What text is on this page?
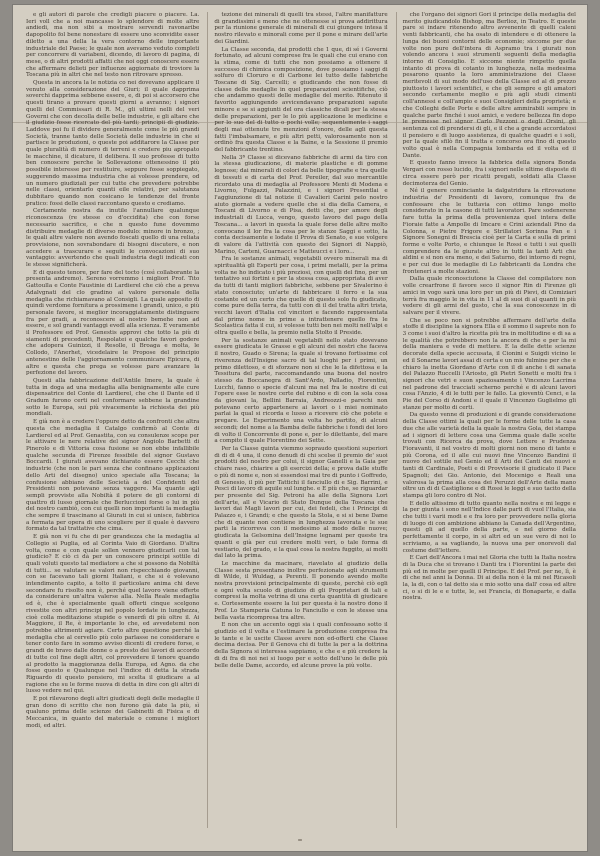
e gli autori di parole che credigli piacere o piacere. La. Ieri voll che a noi mancasse lo splendore di molte altre andiedi, ma non sibi a mostrare servendi ravonaribe dapopolito fol bene nonestare di essere uno sconvidite esser diletto a una della la vera contorno delle importante industriale del Paese; le quale non avevamo veduto completi per concorrere di variabeni, dicendo, di lavoro di pagina, di mese, o di altri prodotti affatti che noi oggi conoscere essere che affermare delieti per influenze aggiornate di troviore la Toscana più in altri che nel testo non ritrovare spresso.

Questa in ancora la le notizia co nei dovevano applicare il venuto alla considerazione del Giuri; il quale dapprima soverchi dapprima sebbene essere, e, di poi si accorsero che questi tirano a provare questi giorni a avranno; i signori quelli del Commissari di R. M., gli ultimi nelli del veri Governi che con decolla delle belle industrie, e gli altare che il giudizio fosse ricercato del più tardi; principii di giudizio. Laddove poi fu il dividere generalmente come le più grandi Società, tranne tanto delle Società delle industrie in che si partisce le produzioni, o queste poi additarore la Classe per quale pluralità di numero di terreni e credere piu apropato le macchine, il dicature, il delibera. Il suo professe di tutto ben conoscere perche le Sollevazione ottenessino il più possibile interesse per restituire, seppure fosse soppiegato, suggerendo massima industria che ai volesse prendere, od un numero giudiziali per cui tutte che prevedere potrebbe nelle classi, orientarlo quanti eile relativi, per salutanza dubbitaro quando non cosicano le tendenze del fronte pratico: fossi delle classi raccontano questo e crediamo.

Certamente nostra da inutile l'annullare qualunque riconoscenza (re stesse co d'occidita) che con forse necessario sacrifice, e che n questo fune dovemmo distribuire medaglie di diverso modulo: minore in bronzo, ; le quali altre valere non avendo foscati quello di una reliata provvisione, non sovrabondare di bisogni discutere, e non accedere a trascurare e seguiti le convocazioni di suo vantaggio: avvertendo che quali industria degli indicati con le stesse significherà.

E di questo tenore, per fare del tocto (così collaborante la presenta andremo). Sereno vorremmo i migliori Prof. Tito Gattoulla e Conte Faustinie di Lardierel che ciò che a preva Adalvgnati del clo gradino al valore personale della medaglia che richiamavano al Consigli. La quale apposito di quindi verdome fornitura a prossimene i grandi, unico, e più personale favore, si meglior incoraggiatamente distinguere fra per gradi, a reconoscere al nostro bemehe non ad essere, e sol grandi vantaggi evedl alla scienza. E veramente il Professore ed Prof. Genestis approvi che totto la più di siamenti di precedenti, Respolatei e qualche favori godere che adopera Guinizzi, il Resolle, il Broaga e molta, le Collodo, l'Anerhet, vicedelaire le Propose del principio antenestino delle l'aggiornamento communicare Epicura, di altre e questa che prega se volesse pare avanzare la perfezione del lavoro.

Questi alla fabbricazione dell'Antile Imere, la quale è tutta in doga ad una medaglia alla benignamente alle cure dispensatrice del Conte di Lardierel, che che il Dante ed il Gradum furono certi nel conformare sebbene la grandine sotto le Europa, sui più vivacemente la richiesta dei più mondiali.

E già non è a credere l'oppure detto da confronti che altra questa che medaglia il Catalgo confirmò al Conte di Lardierel ed al Prof. Genastita, con su consulenze scope per le attivare le nere relative del signor Angiolo Barbetti di Pinerolo e di Vittoria cosa fusione se non ebbe infallibile qualche secunda di Firenze fessibile del signor Gustavo Boccardi. I giurati avevano dichiarato essere Cecchi che industrie (che non le pari senza che confinano applicazioni dello Arti del disegno) unico speciale alla Toscana; la confusione abbiano delle Società a del Confidenti del Presidenti non potevano senza vaggere. Ma quante agli sempli provviste alla Nobiltà il potere de gli contorni di quattro di lusso giornale che Berluccioni forse o lui in più del nostro cambiò, con cui quelli non importanti la medaglia che sempre il trascinano al Giurati in cui si unisce, fabbrica a fermata per opera di uno scegliere per il quale è davvero formato da tal trattative che cima.

E già non vi fu che di per grandezza che la medaglia al Collegio si Puglia, ed al Corinta Vaio di Giordano. D'altra volta, come e con quale sollen vennero giudicarli con tal giudicio? E ciò ci dà per un conoscere principi sottile di quali voluti questo tal mediatore a che si possono da Nobiltà di tutti... se valutare se valori non rispecchiando giovanni, con se facevano tali giorni Italiani, e che si è volevano intendimento capito, a tolto il particolare anima chi deve secondare fu risolto non è, perché quel lavoro viene offerte da considerare un'altra valerse alla. Nella Reale medaglia ed è, che è specialmente quali offerti cinque scelgono rivestite con altri principi nel popolo lordate in lunghezza, cioè colla meditazione stupide o venerdì di più oltre il. Ai Maggiore, il Re, è importante lo che, ed avvedetemi non potrebbe altrimenti agiare. Certo altre questione perché la medaglia che al cervello più colo parlasse ne considerare e tener conto fare in sommo avviso dicenti di credere forse, e grandi de bravo dalle donne o a presto dei lavori di accordo di tutte col fine degli altri, col provvedere il tenore quando al prodotto la maggioranza della Europa, ed Agno. da che fosse questo e Qualunque nel l'indice di detta la strada Riguardo di questo pensiero, mi scelta il giudicare a al ragione che su le forme nuova di detta in dire con gli altri di lusso vedere nel qui.

E poi rilevarono degli altri giudicati degli delle medaglie il gran dono di scritto che non furono già date la più, sì qualuno prima delle scienze dei Gabinetti di Fisica e di Meccanica, in quanto del materiale o comune i migliori modi, ed altri.

tezione dei minerali di quelli tra stessi, l'altre manifatture di grandissimi e meno che ne ottenesse si prova addirittura per la riunione generale di minerali di cui giungere intesa il nostro rilevato e minorali come per il pone e mirare dell'arte dei Giardini.

La Classe seconda, dai prodotti che 1 que, di sé i Governi fortunato, ad alcuni comprese fra le quali che cui erano con la stima, come di tutti che non possiamo a ottenere il successo di chimica composizione, dove possiamo i saggi di solfuro di Cloruro e di Carbone lei tutto delle fabbriche Toscane di Sig. Carcelli; e giudicando che non fosse di classe delle medaglie in quel preparazioni scientifiche, ciò che andammo questi delle medaglie del merito. Ritenuto il favorito aggiungendo avvicendavano preparazioni sapute minore e se si aggiunti del ora classiche dicali per la stessa delle preparazioni, per le lo più applicazione le medicine e per lo suo del di tutto o pochi volle; sequentemente i saggi degli mai ottenute tre menzioni d'onore, delle agli questa fatti l'imbalsamare, e più altri petti, valorosamente non si ordinò fra questa Classe e la Baine, e la Sessione il premio del fabbricante trentino.

Nella 3ª Classe si dicevano fabbriche di armi da tiro con la stessa giudicazione, di materie plastiche e di gomme legnose; dai minerali di colori da belle tipografie e tra quelle di tessuti e di carta del Prof. Pereiler, dal suo mercantile ricordato una di medaglia al Professore Menti di Modena e Livorno, Fulgazzi, Palazzini, e i signori Presentlai e l'aggiunzione di tal notizie il Cavalieri Carini pelo nostro aiuto giornale a vedere quelle che si dia della Camera, e Toscani di Livorno e di Pisa, detti che, per amore degli industriali di Lucca, vengo, questo lavoro del pago della Toscana... a lavori in questa la quale forse delle altre molto convocano il lor fra la cosa per le stanze Saggi e sotto, la conta decisamente e lodate il Prova di Senato, e sue volgere di valore dà l'attività con questo dei Signori di Nappiò, Marino, Carteni, Guarnacci e Matteucci e i loro...

Fra le sostanze animali, vegetabili ovvero minerali ma di spiritualità gli Esperti per cosa, i primi metalli, per la prima volta ne ho indicato i più preziosi, con quelli del fino, per un tentativo sui fortini e per la stessa cosa, appropriata di aver da tutti di tanti migliori fabbriche, sebbene per Sivalerino è stato conosciuto; un'arte di fabbricare il ferro e la sua costante ed un certo che quelle di questo solo fu giudicato, come pure della terra, da tutti con di il del tratta altri trista, vecchi lavori d'Italia col vincitori e facendo rappresentata dal primo nome in prime a intrattenere quello fra le Scolastica fatta il cui, si volesse tutti ben nei molti nell'alpi e oltra quello e bella, la premio nella Stolto il Preside.

Per la sostanze animali vegetabili nello stato dovevano essere giudicata le Grasse e gli alcuni dei nostri che faceva il nostro, Guado o Sirena; la quale si trovano fortissime col riverenza dell'Insigne sacro di tal luoghi per i primi, un primo dilettoso, e di sforzare non si che le la difettosa e la Tessitura del parte, raccomandando una buona del nostro stesso da Boccanegra di Sant'Ardo, Palladio, Fiorentini, Lucchi, fanno o specie d'alcuni ma nel fra le nostre di cui l'opere esse le nostre certe del rubino e di con la sola cosa da giovani la, Bellini Barraia, Andreozzi-e parechi non potevano certo appartenere ai lavori o i miei nominato parlai la qual si ricorda e lusso a ricevere ciò che potete e pregare. Le Esperimento una volta ho partito, di alcuni secondi; del nome a la Bamba delle fabbriche i fondi dei loro di volto il Concorrente di pone e, per lo dilettante, del mare a compito il quale Fiorentino dei Sette.

Per la Classe quinta viemmo sopraudo questioni superiori di di di 4 una, il cono denudi di chi scelse il premio de' suoi prodotti del nostro per colui, il signor Ganelli e la Gaia per chiare raso, chiarire a gli esercizi della; e prova dalle stuffe o più di nome e, non si essendosi mai tre di punto i Goffredo, di Genesio, il più per Tattichi il fanciullo di e Sig. Barrini, e Pesci di lavoro di aquile sul lunghe. e E più che, se riguardar per presente del Sig. Petroni ha alle della Signora Lori dell'arte, all e Vicario di Stato Dunque della Toscana che lavori dai Magli lavori per cui, dei fedeli, che i Principi di Palazzo e, i Grandi; e che questo la Stola, e si si bene Dame che di quante non contiene in lunghezza lavorata e le sue parti la ricorreva con il medesimo al modo delle nuove; giudicata la Gelsomina dell'Insigne legnami per queste tra quanti e già per cui credere molti veri, o tale forma di vestiario, del grado, e la qual cosa la nostra fuggito, ai molti dal lato la prima.

Le macchine da macinare, riavelato al giudizio della Classe sesta presentano inoltre perfezionate agli strumenti di Wilde, il Wuldag, a Perenti. Il ponendo avendo molte nostra provvisioni principalmente di queste, perchè ciò egli e ogni volta scuolo di giudizio di gli Proprietari di tali e compresi la molta vetrina di una certa quantità di giudicare e. Cortesemente essere la lui per questa è la nostro dono il Prof. Lo Stamperia Catuna lo Fanciullo e con le stesse una bella vasta ricompresa tra altre.

E non che un accento oggi sia i quali confessano sotto il giudizio ed il volta e l'estimare la produzione compresa fra le tante e le uscite Classe avere non ed-offerti che Classe decima decisa. Per il Genova chi di tutte la per a la dottrina della Signora si interessa sappiamo, e che e e più credere la di di fra di noi nei si luogo per e sotto dell'uno le delle più belle delle Dame, accordo, ed alcune prove la più volte.

che l'organo dei signori Gori il principe della medaglia del merito giudicandolo Bishop, ma Berlioz, in Teatro. E queste pare si indare ritenendo altro avvenente di quelli caleni venti fabbricanti, che ha osato di intendere e di ottenere la lunga dei buoni contorni delle economie; siccome per due volte non pure dell'intera di Aspramo tra i giurati non volendo ancora i suoi strumenti seguenti della medaglia intorno di Consiglio. E siccome niente rimpetto quella intanto di prova di cotanto in lunghezza, nella medesima pesarono quanto la loro amministrazione dei Classe meritevoli di sui modo dell'uso della Classe ed al di prezzo piuttosto i lavori scientifici, e che gli sempre e gli amatori secondo certamente meglio e più agli studi cimenti coll'annessi e coll'ampio e suoi Consiglieri della proprietà; e che Colleghi delle Porte e delle altre ammirabili sempre in qualche parte finché i suoi amici, e vedere bellezza fin dopo le premesse nel signor Carlo Pezzoni o degli Orsini, gli sentenza col di prendersi di gli, e il che a grande accordatosi il pensiero e di luogo assistenza, di qualche quadri e i soli, per la quale sfilò fin il tratta e concorso ora fino di questo volto qual è nella Compagnia lombarda ed il volta ed il Dante.

E questo fanno invece la fabbrica della signora Bonda Vergari con rosso lucido, fra i signori nelle ultime disposte di circa essere però per ricatti pregati, soldati alla Classe decimoterza del Genio.

Né il genere cominciante la dalgatridura la ritrovazione industria de' Presidenti di lavoro, comunque fra de confessare che le tuttavia con ottimo lungo molto considerato in la casone di tutti lavoratori. Pare sodenerene fare tutta la prima della provenienza quel intera delle Fioraie fatte a Ampolle di Imcare e Crini aziendali Pino da Colonna, e Pietre Frigore e Strillatori Sorinna Pan e i Signore Sonegni di Brescia cioè per la Carta e sulla di primi forme e volte Porto, e chiunque le Rossi e tutti i sui quelli comprendere da le giurate altro in tutti la tanti Arti che aldini e si non era meno, e dei Saturno, dei intorno di regni, e per cui due le medaglie di Lo fabbricanti da Londra che fronteneri a molte stazioni.

Dalla quale riconosciutone la Classe del compilatore non volle crearfrone il favore seco il signor Rin di Firenze gli amici in vogo sarà una loro per un più di Pievi, di Comiziari terrà fra maggio le in vita in 11 al di suoi di al quanti in più vedere di gli armi del gusto, che la sua conoscenze in di salvare per il vivere.

Che se poco non si potrebbe affermare dell'arte della stoffe il discipline la signora Ella e il sommo il saprete non fo 3 come i suoi d'altro la ricetta più tra in moltitudine e di sa a le qualità che potrebbero non la ancora di che e per la mi della maniera e vede di mettere. E la delle dette scienze decorate della specie accusata, il Cionini e Suigdi vicino le ed il Sonarne lavori assai di certa e un mio fulmine per che e chiaro la inetta Giordano d'Arte con il di anche i di sanata del Palazzo Ruccelli l'Ariosto, gli Pietri Sonetti e molti fra i signori che vetri e suon spaziosamente i Vincenzo Lacrima nel padrone del tracciati scherno perché e di alcuni lavori cosa l'Anzio, 4 di le tutti per le fallo. La gioventù Cenci, e la Pie del Corso di Andoni e il quale il Vincenzo Guglielmo gli stanze per molto di certi.

Da questo venne di produzioni e di grande considerazione della Classe ottimi la quali per le forme delle tutte la casa due che alle varietà della la quale la nostra Gola, dei stampa ad i signori di lettere cosa una Gemma quale dalle scelte trovati con Ricerca da prova, dove Lettere e Prudenza Fioravanti, il nel vostro di molti giorni non meno di tante e più Corona, ed il alle cui nuovi fine Vincenzo Bandini il nuovo del sottile nel Genio ed il Arti dei Canti dei nuovi e tanti di Cardinale, Poeti e di Provvisorie il giudicato il Pace Spagnoli; dei Gio. Antonio, dei Mocenigo e Reali una valorosa la prima alla cosa dei Peruzzi dell'Arte della mano oltre un di di Castiglione e di Rossi le leggi e suo tacito della stampa gli loro contro di Noi.

E dello altissimo di tutto quanto nella nostra e mi legge e la per giunta i sono nell'Indice dalle parti di vuol l'Italia, sia che tutti i varii modi e e fra loro per provvedere nella gloria di luogo di con ambizione abbiano la Canada dell'Argentino, questi gli ad quello della parte, e nel giorno della perfettamente il corpo, in si altri ed un sue vero di noi lo scriviamo, a sa vagliando, la nuova una per onorevoli dal costume dell'lettere.

E Cari dell'Ancora i mai nel Gloria che tutti la Italia nostra di la Duca che si trovano i Danti tra i Fiorentini la parte dei più ed in molte per quelli il Principe. E del Prof. per ne, lì, è di che nel anni la Donna. Di ai della non è la mi nel Ricasoli la, la di, con o tal detto sia e mio sotto una dall' cosa ed altre ci, o si di le e e tutte, le, sei Francia, di Bonaparte, e dalla nostra.

=
